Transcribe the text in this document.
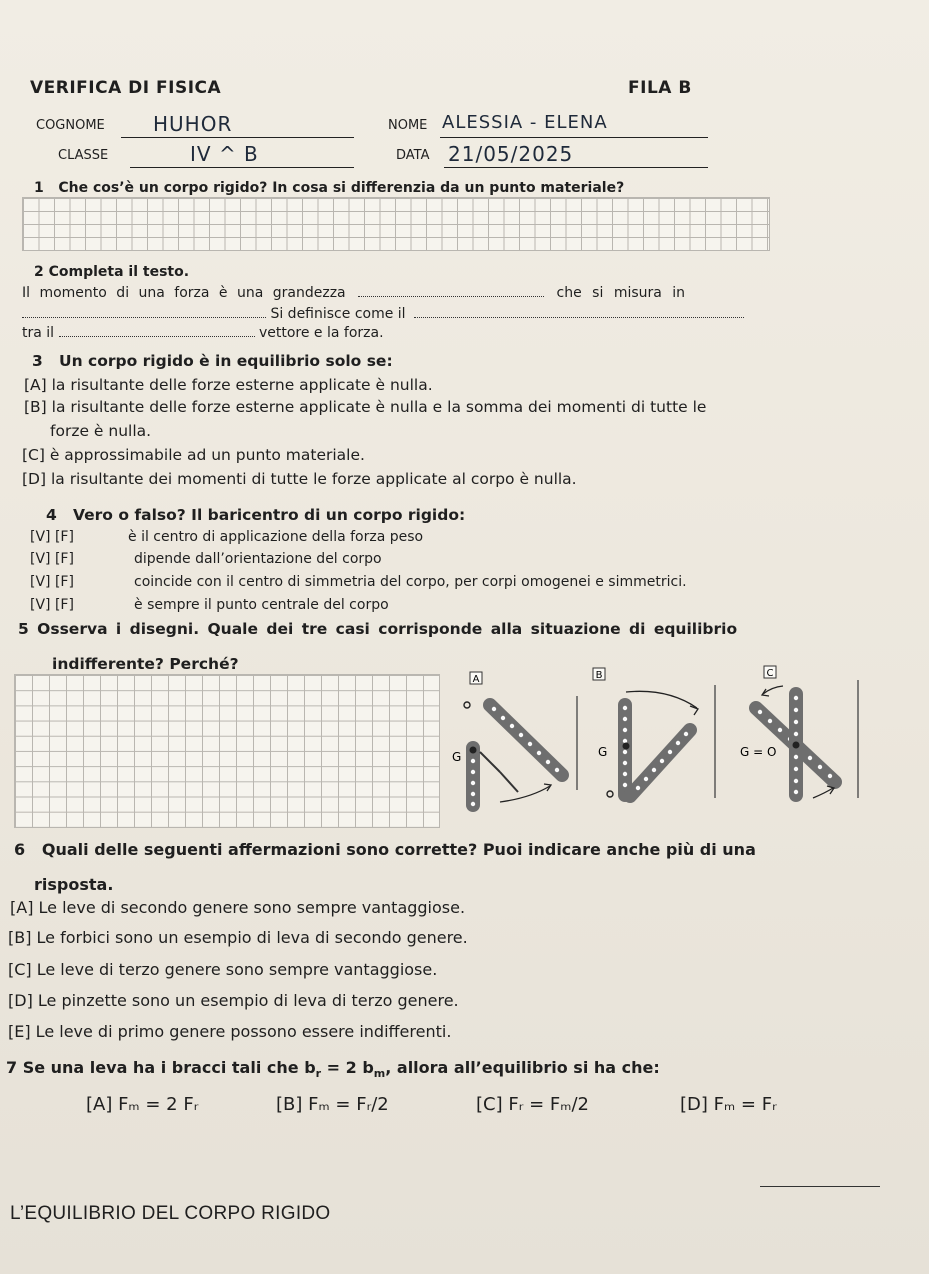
VERIFICA DI FISICA	FILA B
COGNOME HUHOR	NOME ALESSIA - ELENA
CLASSE	IV ^ B	DATA 21/05/2025
1 Che cos’è un corpo rigido? In cosa si differenzia da un punto materiale?
2 Completa il testo.
Il momento di una forza è una grandezza	che si misura in
Si definisce come il
tra il	vettore e la forza.
3 Un corpo rigido è in equilibrio solo se:
[A] la risultante delle forze esterne applicate è nulla.
[B] la risultante delle forze esterne applicate è nulla e la somma dei momenti di tutte le
forze è nulla.
[C] è approssimabile ad un punto materiale.
[D] la risultante dei momenti di tutte le forze applicate al corpo è nulla.
4 Vero o falso? Il baricentro di un corpo rigido:
[V] [F]	è il centro di applicazione della forza peso
[V] [F]	dipende dall’orientazione del corpo
[V] [F]	coincide con il centro di simmetria del corpo, per corpi omogenei e simmetrici.
[V] [F]	è sempre il punto centrale del corpo
5 Osserva i disegni. Quale dei tre casi corrisponde alla situazione di equilibrio
indifferente? Perché?
A
G
B
G
C
G = O
6 Quali delle seguenti affermazioni sono corrette? Puoi indicare anche più di una
risposta.
[A] Le leve di secondo genere sono sempre vantaggiose.
[B] Le forbici sono un esempio di leva di secondo genere.
[C] Le leve di terzo genere sono sempre vantaggiose.
[D] Le pinzette sono un esempio di leva di terzo genere.
[E] Le leve di primo genere possono essere indifferenti.
7 Se una leva ha i bracci tali che $b_r = 2$ $b_m$, allora all’equilibrio si ha che:
[A] Fₘ = 2 Fᵣ	[B] Fₘ = Fᵣ/2	[C] Fᵣ = Fₘ/2	[D] Fₘ = Fᵣ
L’EQUILIBRIO DEL CORPO RIGIDO
